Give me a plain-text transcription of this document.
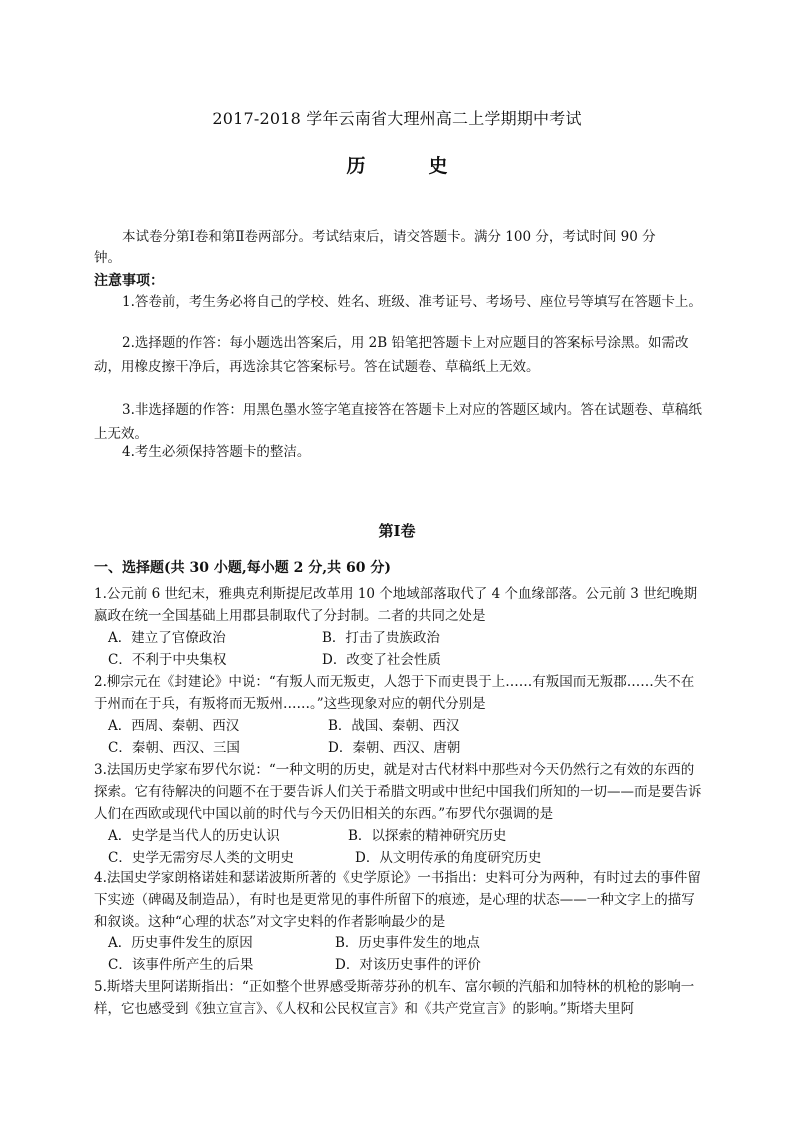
2017-2018 学年云南省大理州高二上学期期中考试
历　史
本试卷分第Ⅰ卷和第Ⅱ卷两部分。考试结束后，请交答题卡。满分 100 分，考试时间 90 分
钟。
注意事项：
1.答卷前，考生务必将自己的学校、姓名、班级、准考证号、考场号、座位号等填写在答题卡上。
2.选择题的作答：每小题选出答案后，用 2B 铅笔把答题卡上对应题目的答案标号涂黑。如需改动，用橡皮擦干净后，再选涂其它答案标号。答在试题卷、草稿纸上无效。
3.非选择题的作答：用黑色墨水签字笔直接答在答题卡上对应的答题区域内。答在试题卷、草稿纸上无效。
4.考生必须保持答题卡的整洁。
第Ⅰ卷
一、选择题(共 30 小题,每小题 2 分,共 60 分)
1.公元前 6 世纪末，雅典克利斯提尼改革用 10 个地域部落取代了 4 个血缘部落。公元前 3 世纪晚期嬴政在统一全国基础上用郡县制取代了分封制。二者的共同之处是
A．建立了官僚政治	B．打击了贵族政治
C．不利于中央集权	D．改变了社会性质
2.柳宗元在《封建论》中说：“有叛人而无叛吏，人怨于下而吏畏于上……有叛国而无叛郡……失不在于州而在于兵，有叛将而无叛州……。”这些现象对应的朝代分别是
A．西周、秦朝、西汉	B．战国、秦朝、西汉
C．秦朝、西汉、三国	D．秦朝、西汉、唐朝
3.法国历史学家布罗代尔说：“一种文明的历史，就是对古代材料中那些对今天仍然行之有效的东西的探索。它有待解决的问题不在于要告诉人们关于希腊文明或中世纪中国我们所知的一切——而是要告诉人们在西欧或现代中国以前的时代与今天仍旧相关的东西。”布罗代尔强调的是
A．史学是当代人的历史认识	B．以探索的精神研究历史
C．史学无需穷尽人类的文明史	D．从文明传承的角度研究历史
4.法国史学家朗格诺娃和瑟诺波斯所著的《史学原论》一书指出：史料可分为两种，有时过去的事件留下实迹（碑碣及制造品），有时也是更常见的事件所留下的痕迹，是心理的状态——一种文字上的描写和叙谈。这种“心理的状态”对文字史料的作者影响最少的是
A．历史事件发生的原因	B．历史事件发生的地点
C．该事件所产生的后果	D．对该历史事件的评价
5.斯塔夫里阿诺斯指出：“正如整个世界感受斯蒂芬孙的机车、富尔顿的汽船和加特林的机枪的影响一样，它也感受到《独立宣言》、《人权和公民权宣言》和《共产党宣言》的影响。”斯塔夫里阿
